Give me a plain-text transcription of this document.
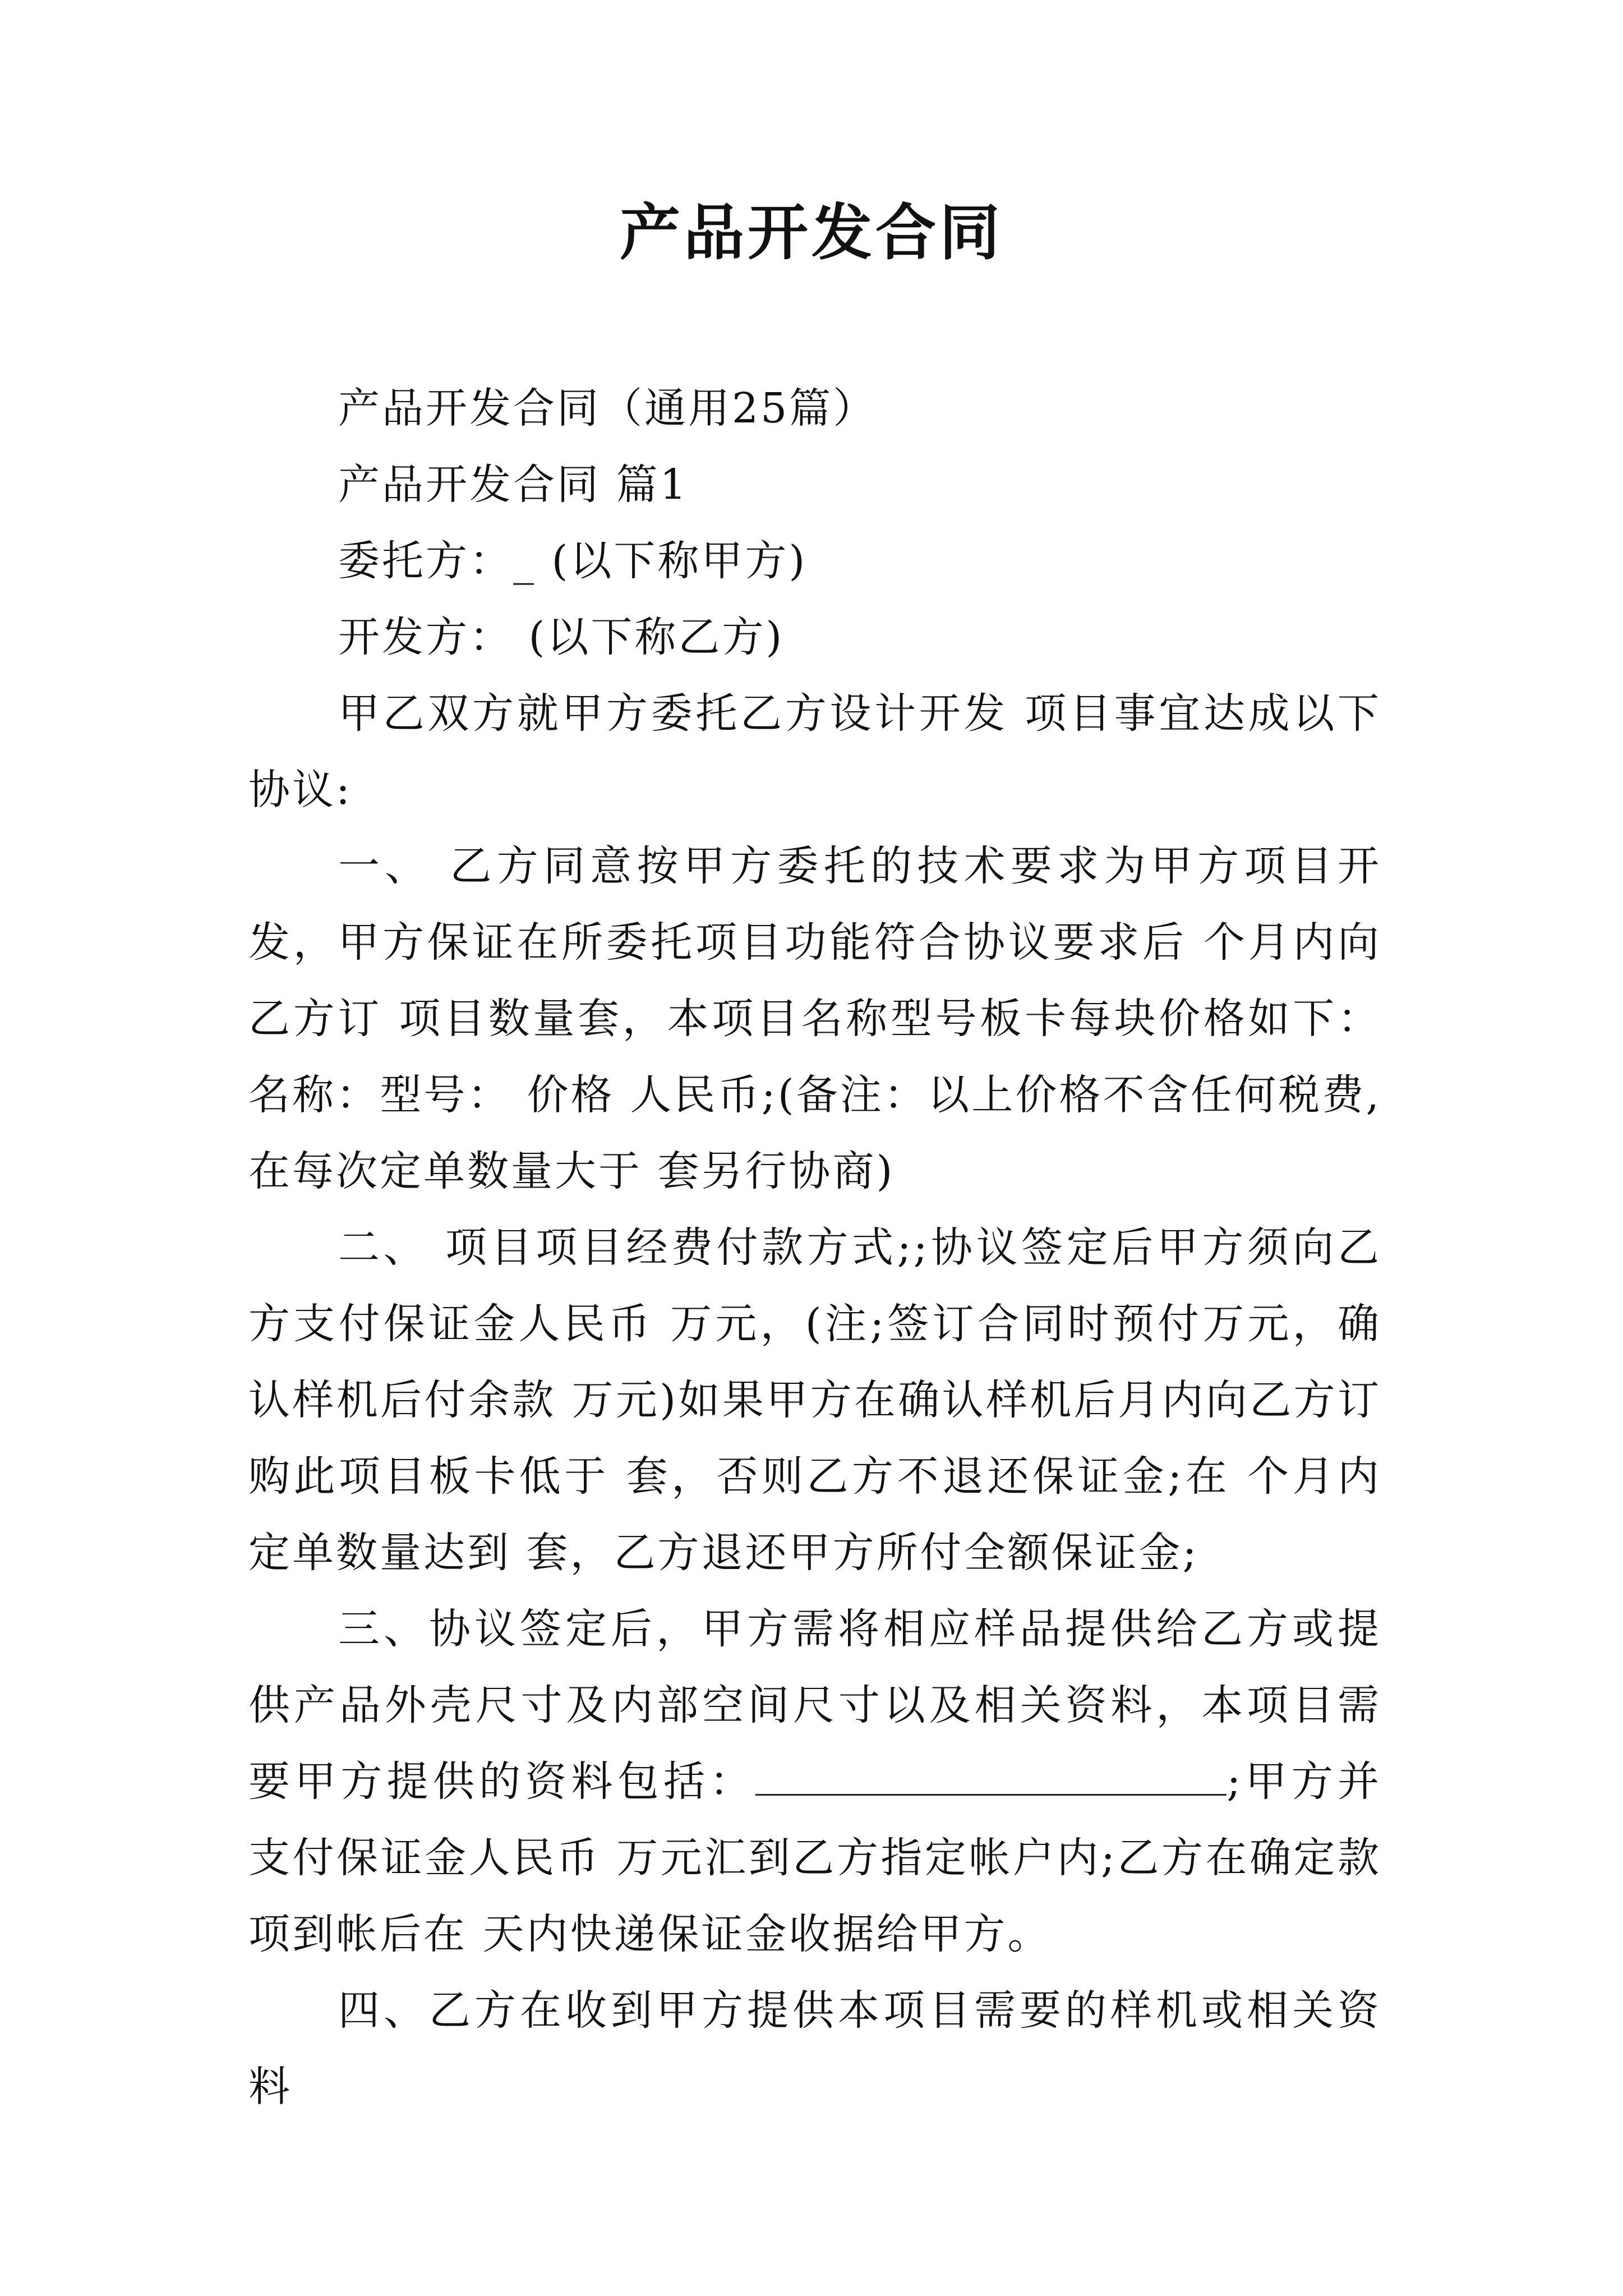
产品开发合同

产品开发合同（通用25篇）

产品开发合同 篇1

委托方：_ (以下称甲方)

开发方： (以下称乙方)

甲乙双方就甲方委托乙方设计开发 项目事宜达成以下协议:

一、 乙方同意按甲方委托的技术要求为甲方项目开发，甲方保证在所委托项目功能符合协议要求后 个月内向乙方订 项目数量套，本项目名称型号板卡每块价格如下：名称：型号： 价格 人民币;(备注：以上价格不含任何税费,在每次定单数量大于 套另行协商)

二、 项目项目经费付款方式;;协议签定后甲方须向乙方支付保证金人民币 万元，(注;签订合同时预付万元，确认样机后付余款 万元)如果甲方在确认样机后月内向乙方订购此项目板卡低于 套，否则乙方不退还保证金;在 个月内定单数量达到 套，乙方退还甲方所付全额保证金;

三、协议签定后，甲方需将相应样品提供给乙方或提供产品外壳尺寸及内部空间尺寸以及相关资料，本项目需要甲方提供的资料包括：	;甲方并支付保证金人民币 万元汇到乙方指定帐户内;乙方在确定款项到帐后在 天内快递保证金收据给甲方。

四、乙方在收到甲方提供本项目需要的样机或相关资料
